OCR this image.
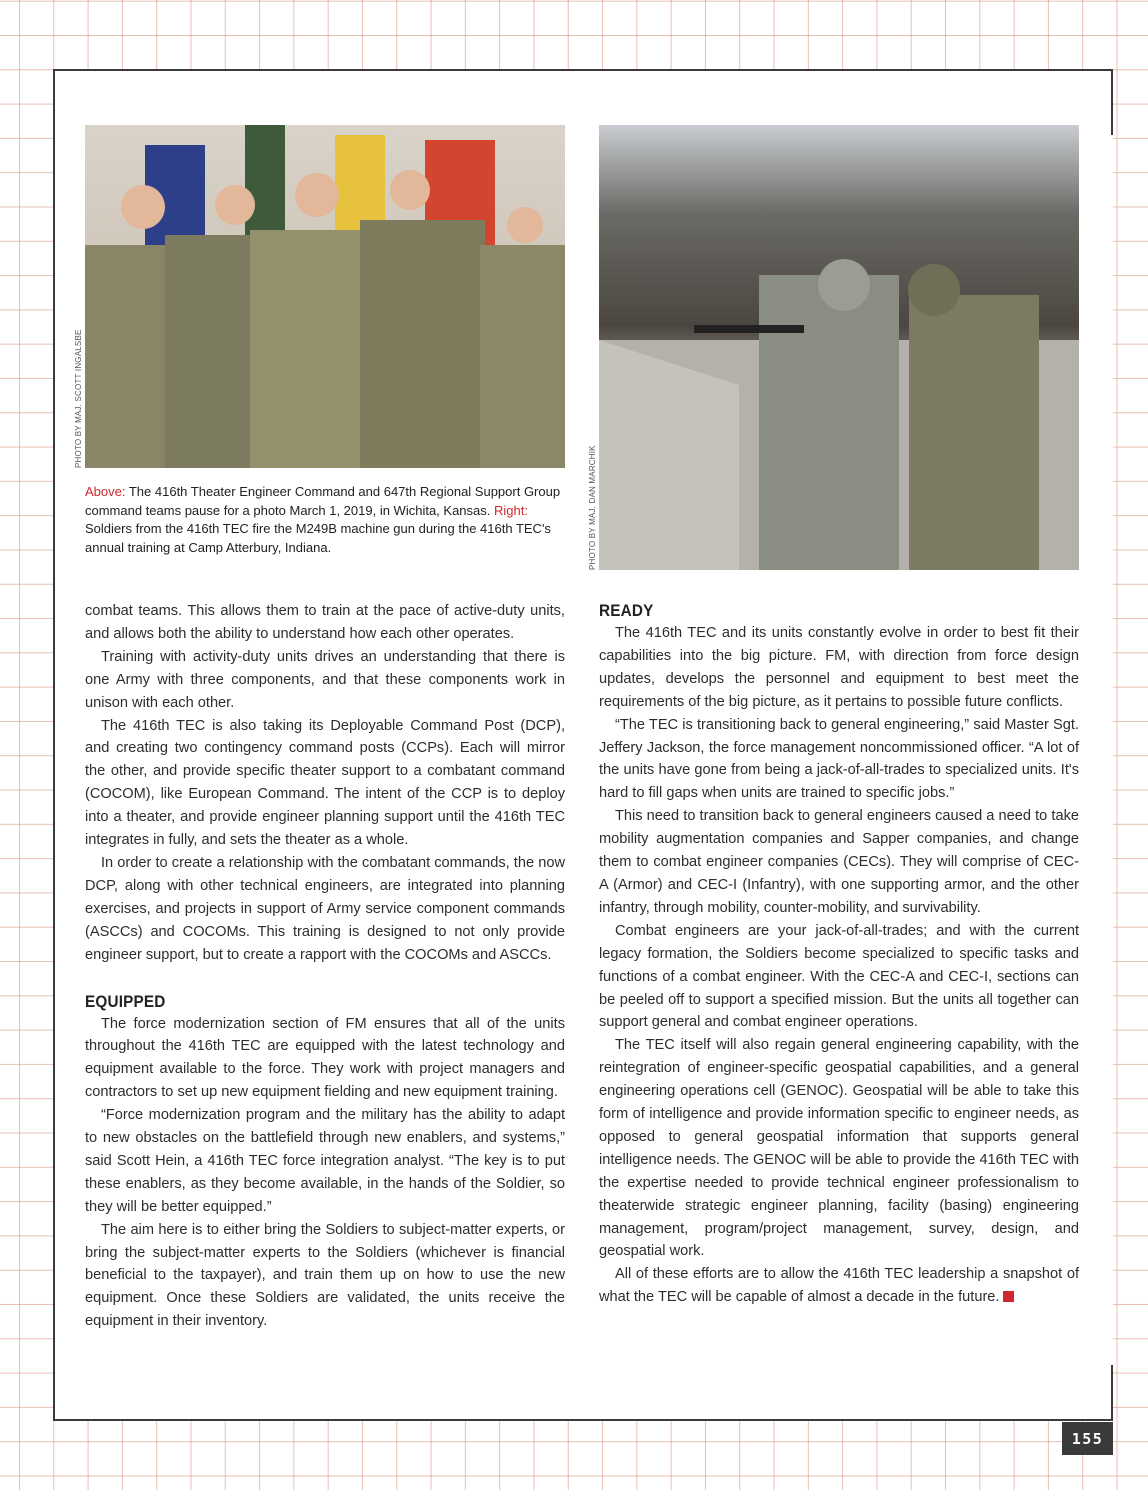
PHOTO BY MAJ. SCOTT INGALSBE
PHOTO BY MAJ. DAN MARCHIK
Above: The 416th Theater Engineer Command and 647th Regional Support Group command teams pause for a photo March 1, 2019, in Wichita, Kansas. Right: Soldiers from the 416th TEC fire the M249B machine gun during the 416th TEC's annual training at Camp Atterbury, Indiana.

combat teams. This allows them to train at the pace of active-duty units, and allows both the ability to understand how each other operates.

Training with activity-duty units drives an understanding that there is one Army with three components, and that these components work in unison with each other.

The 416th TEC is also taking its Deployable Command Post (DCP), and creating two contingency command posts (CCPs). Each will mirror the other, and provide specific theater support to a combatant command (COCOM), like European Command. The intent of the CCP is to deploy into a theater, and provide engineer planning support until the 416th TEC integrates in fully, and sets the theater as a whole.

In order to create a relationship with the combatant commands, the now DCP, along with other technical engineers, are integrated into planning exercises, and projects in support of Army service component commands (ASCCs) and COCOMs. This training is designed to not only provide engineer support, but to create a rapport with the COCOMs and ASCCs.

EQUIPPED

The force modernization section of FM ensures that all of the units throughout the 416th TEC are equipped with the latest technology and equipment available to the force. They work with project managers and contractors to set up new equipment fielding and new equipment training.

“Force modernization program and the military has the ability to adapt to new obstacles on the battlefield through new enablers, and systems,” said Scott Hein, a 416th TEC force integration analyst. “The key is to put these enablers, as they become available, in the hands of the Soldier, so they will be better equipped.”

The aim here is to either bring the Soldiers to subject-matter experts, or bring the subject-matter experts to the Soldiers (whichever is financial beneficial to the taxpayer), and train them up on how to use the new equipment. Once these Soldiers are validated, the units receive the equipment in their inventory.

READY

The 416th TEC and its units constantly evolve in order to best fit their capabilities into the big picture. FM, with direction from force design updates, develops the personnel and equipment to best meet the requirements of the big picture, as it pertains to possible future conflicts.

“The TEC is transitioning back to general engineering,” said Master Sgt. Jeffery Jackson, the force management noncommissioned officer. “A lot of the units have gone from being a jack-of-all-trades to specialized units. It's hard to fill gaps when units are trained to specific jobs.”

This need to transition back to general engineers caused a need to take mobility augmentation companies and Sapper companies, and change them to combat engineer companies (CECs). They will comprise of CEC-A (Armor) and CEC-I (Infantry), with one supporting armor, and the other infantry, through mobility, counter-mobility, and survivability.

Combat engineers are your jack-of-all-trades; and with the current legacy formation, the Soldiers become specialized to specific tasks and functions of a combat engineer. With the CEC-A and CEC-I, sections can be peeled off to support a specified mission. But the units all together can support general and combat engineer operations.

The TEC itself will also regain general engineering capability, with the reintegration of engineer-specific geospatial capabilities, and a general engineering operations cell (GENOC). Geospatial will be able to take this form of intelligence and provide information specific to engineer needs, as opposed to general geospatial information that supports general intelligence needs. The GENOC will be able to provide the 416th TEC with the expertise needed to provide technical engineer professionalism to theaterwide strategic engineer planning, facility (basing) engineering management, program/project management, survey, design, and geospatial work.

All of these efforts are to allow the 416th TEC leadership a snapshot of what the TEC will be capable of almost a decade in the future.

155
